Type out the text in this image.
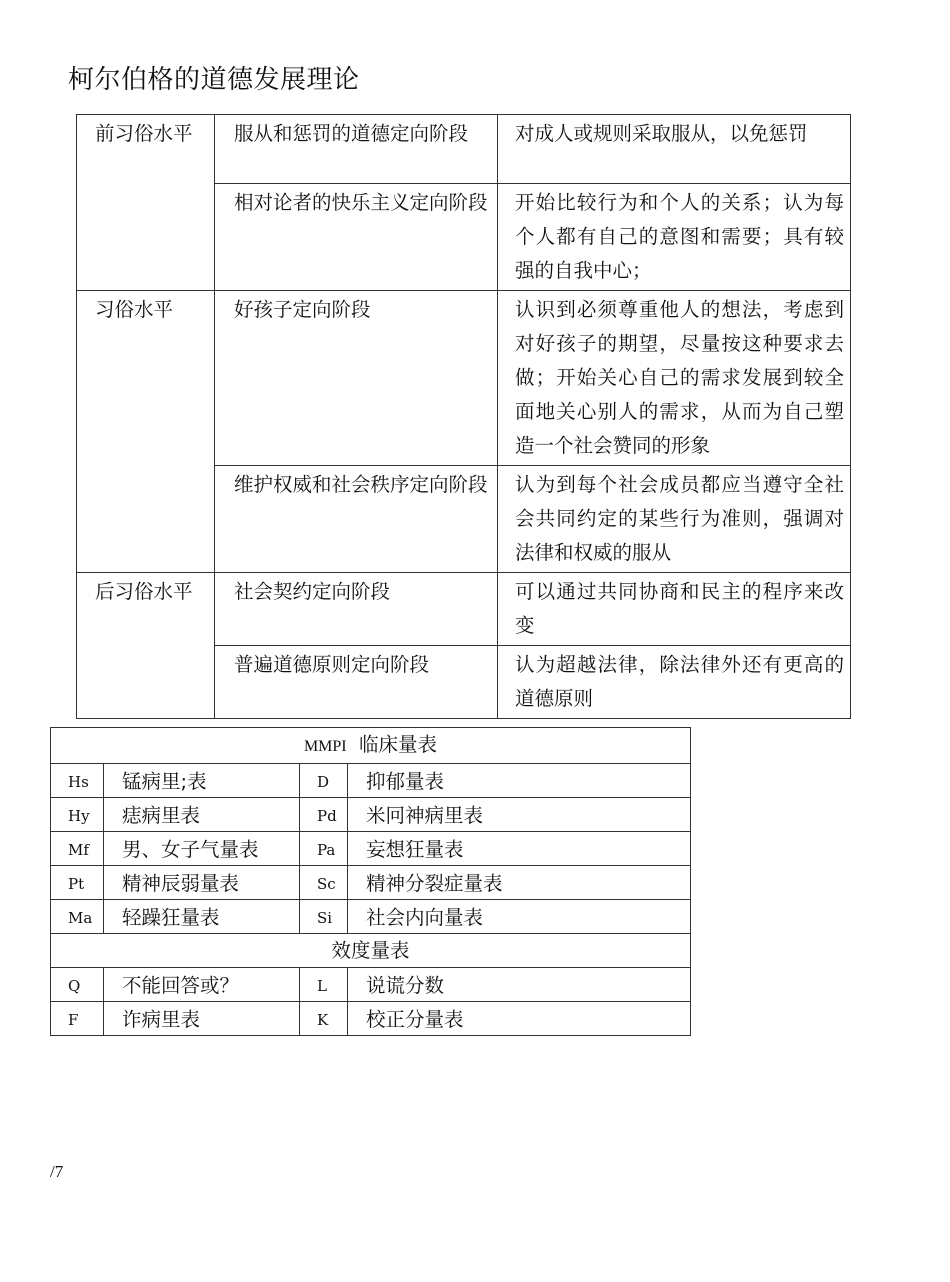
柯尔伯格的道德发展理论
前习俗水平	服从和惩罚的道德定向阶段	对成人或规则采取服从，以免惩罚
	相对论者的快乐主义定向阶段	开始比较行为和个人的关系；认为每个人都有自己的意图和需要；具有较强的自我中心；
习俗水平	好孩子定向阶段	认识到必须尊重他人的想法，考虑到对好孩子的期望，尽量按这种要求去做；开始关心自己的需求发展到较全面地关心别人的需求，从而为自己塑造一个社会赞同的形象
	维护权威和社会秩序定向阶段	认为到每个社会成员都应当遵守全社会共同约定的某些行为准则，强调对法律和权威的服从
后习俗水平	社会契约定向阶段	可以通过共同协商和民主的程序来改变
	普遍道德原则定向阶段	认为超越法律，除法律外还有更高的道德原则
MMPI 临床量表			
Hs	锰病里;表	D	抑郁量表
Hy	痣病里表	Pd	米冋神病里表
Mf	男、女子气量表	Pa	妄想狂量表
Pt	精神辰弱量表	Sc	精神分裂症量表
Ma	轻躁狂量表	Si	社会内向量表
效度量表			
Q	不能回答或？	L	说谎分数
F	诈病里表	K	校正分量表
/7
